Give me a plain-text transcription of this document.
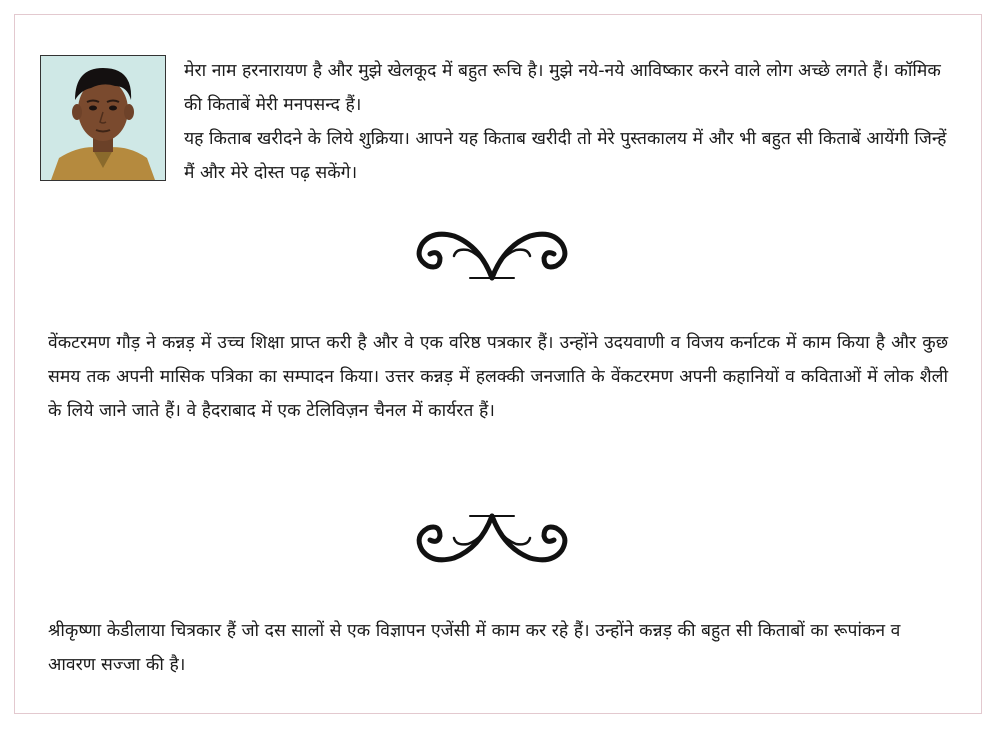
मेरा नाम हरनारायण है और मुझे खेलकूद में बहुत रूचि है। मुझे नये-नये आविष्कार करने वाले लोग अच्छे लगते हैं। कॉमिक की किताबें मेरी मनपसन्द हैं।

यह किताब खरीदने के लिये शुक्रिया। आपने यह किताब खरीदी तो मेरे पुस्तकालय में और भी बहुत सी किताबें आयेंगी जिन्हें मैं और मेरे दोस्त पढ़ सकेंगे।

वेंकटरमण गौड़ ने कन्नड़ में उच्च शिक्षा प्राप्त करी है और वे एक वरिष्ठ पत्रकार हैं। उन्होंने उदयवाणी व विजय कर्नाटक में काम किया है और कुछ समय तक अपनी मासिक पत्रिका का सम्पादन किया। उत्तर कन्नड़ में हलक्की जनजाति के वेंकटरमण अपनी कहानियों व कविताओं में लोक शैली के लिये जाने जाते हैं। वे हैदराबाद में एक टेलिविज़न चैनल में कार्यरत हैं।
श्रीकृष्णा केडीलाया चित्रकार हैं जो दस सालों से एक विज्ञापन एजेंसी में काम कर रहे हैं। उन्होंने कन्नड़ की बहुत सी किताबों का रूपांकन व आवरण सज्जा की है।
